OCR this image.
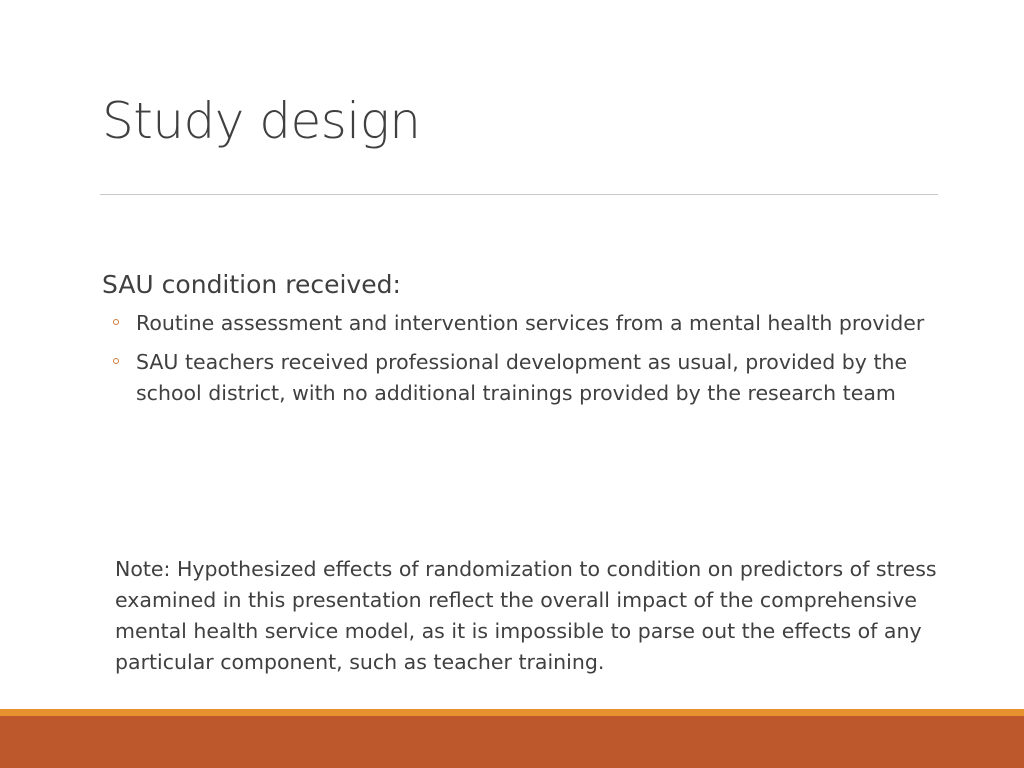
Study design

SAU condition received:

Routine assessment and intervention services from a mental health provider
SAU teachers received professional development as usual, provided by the school district, with no additional trainings provided by the research team

Note: Hypothesized effects of randomization to condition on predictors of stress examined in this presentation reflect the overall impact of the comprehensive mental health service model, as it is impossible to parse out the effects of any particular component, such as teacher training.
